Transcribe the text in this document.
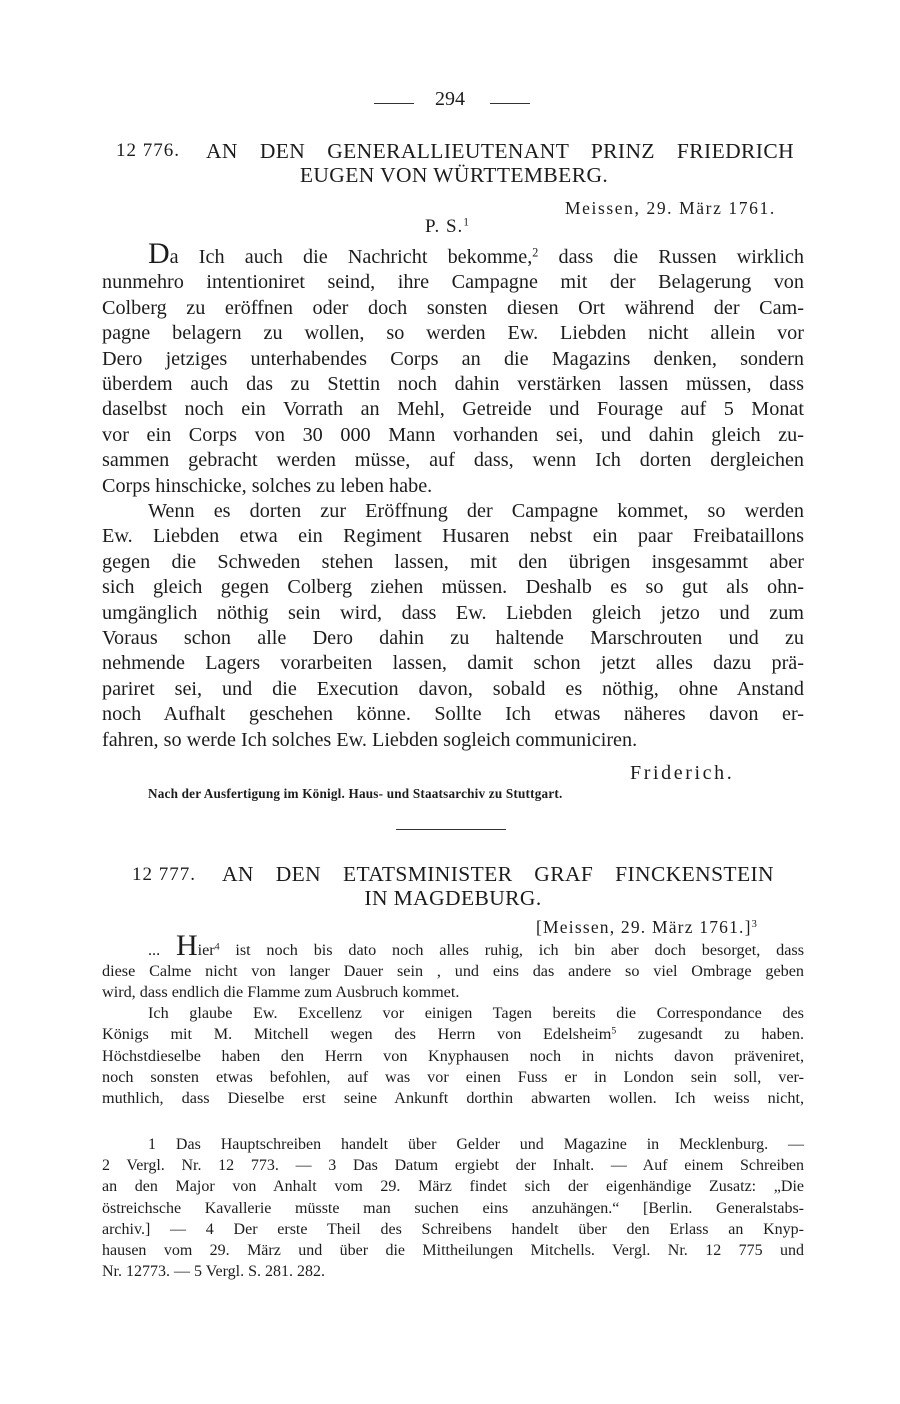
294
12 776. AN DEN GENERALLIEUTENANT PRINZ FRIEDRICH
EUGEN VON WÜRTTEMBERG.
Meissen, 29. März 1761.
P. S.$^1$
Da Ich auch die Nachricht bekomme,$^2$ dass die Russen wirklich
nunmehro intentioniret seind, ihre Campagne mit der Belagerung von
Colberg zu eröffnen oder doch sonsten diesen Ort während der Cam-
pagne belagern zu wollen, so werden Ew. Liebden nicht allein vor
Dero jetziges unterhabendes Corps an die Magazins denken, sondern
überdem auch das zu Stettin noch dahin verstärken lassen müssen, dass
daselbst noch ein Vorrath an Mehl, Getreide und Fourage auf 5 Monat
vor ein Corps von 30 000 Mann vorhanden sei, und dahin gleich zu-
sammen gebracht werden müsse, auf dass, wenn Ich dorten dergleichen
Corps hinschicke, solches zu leben habe.
Wenn es dorten zur Eröffnung der Campagne kommet, so werden
Ew. Liebden etwa ein Regiment Husaren nebst ein paar Freibataillons
gegen die Schweden stehen lassen, mit den übrigen insgesammt aber
sich gleich gegen Colberg ziehen müssen. Deshalb es so gut als ohn-
umgänglich nöthig sein wird, dass Ew. Liebden gleich jetzo und zum
Voraus schon alle Dero dahin zu haltende Marschrouten und zu
nehmende Lagers vorarbeiten lassen, damit schon jetzt alles dazu prä-
pariret sei, und die Execution davon, sobald es nöthig, ohne Anstand
noch Aufhalt geschehen könne. Sollte Ich etwas näheres davon er-
fahren, so werde Ich solches Ew. Liebden sogleich communiciren.
Friderich.
Nach der Ausfertigung im Königl. Haus- und Staatsarchiv zu Stuttgart.
12 777. AN DEN ETATSMINISTER GRAF FINCKENSTEIN
IN MAGDEBURG.
[Meissen, 29. März 1761.]$^3$
... Hier$^4$ ist noch bis dato noch alles ruhig, ich bin aber doch besorget, dass
diese Calme nicht von langer Dauer sein , und eins das andere so viel Ombrage geben
wird, dass endlich die Flamme zum Ausbruch kommet.
Ich glaube Ew. Excellenz vor einigen Tagen bereits die Correspondance des
Königs mit M. Mitchell wegen des Herrn von Edelsheim$^5$ zugesandt zu haben.
Höchstdieselbe haben den Herrn von Knyphausen noch in nichts davon präveniret,
noch sonsten etwas befohlen, auf was vor einen Fuss er in London sein soll, ver-
muthlich, dass Dieselbe erst seine Ankunft dorthin abwarten wollen. Ich weiss nicht,
1 Das Hauptschreiben handelt über Gelder und Magazine in Mecklenburg. —
2 Vergl. Nr. 12 773. — 3 Das Datum ergiebt der Inhalt. — Auf einem Schreiben
an den Major von Anhalt vom 29. März findet sich der eigenhändige Zusatz: „Die
östreichsche Kavallerie müsste man suchen eins anzuhängen.“ [Berlin. Generalstabs-
archiv.] — 4 Der erste Theil des Schreibens handelt über den Erlass an Knyp-
hausen vom 29. März und über die Mittheilungen Mitchells. Vergl. Nr. 12 775 und
Nr. 12773. — 5 Vergl. S. 281. 282.
